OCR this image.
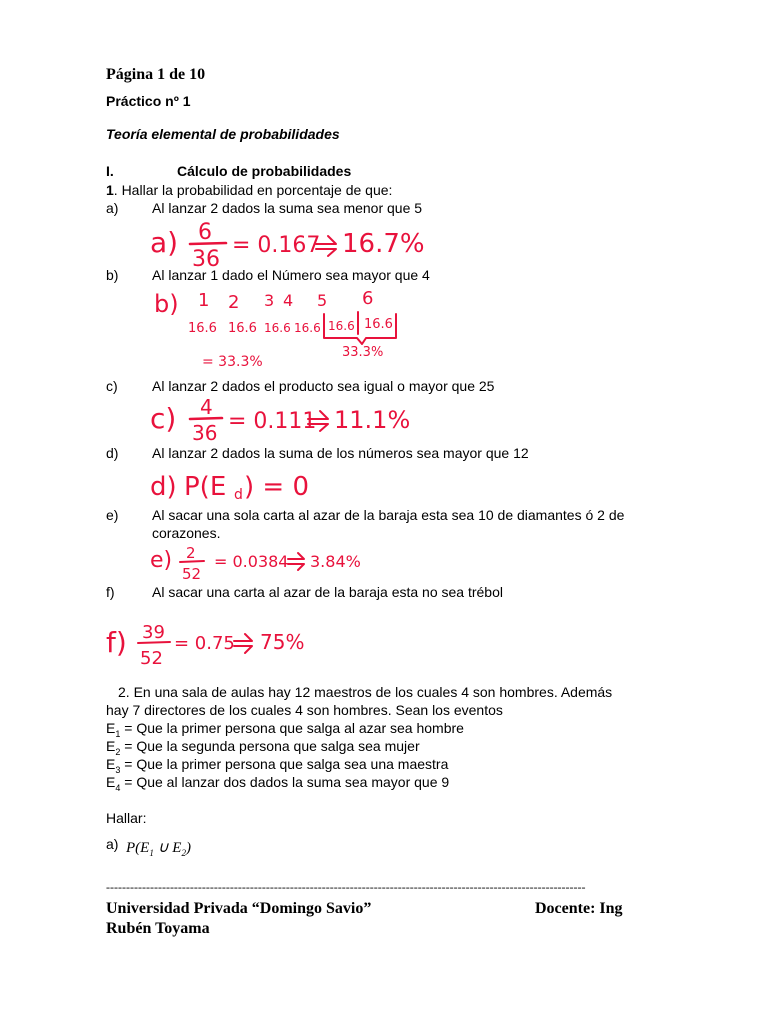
Página 1 de 10
Práctico nº 1
Teoría elemental de probabilidades
I.	Cálculo de probabilidades
1. Hallar la probabilidad en porcentaje de que:
a) Al lanzar 2 dados la suma sea menor que 5
b) Al lanzar 1 dado el Número sea mayor que 4
c) Al lanzar 2 dados el producto sea igual o mayor que 25
d) Al lanzar 2 dados la suma de los números sea mayor que 12
e) Al sacar una sola carta al azar de la baraja esta sea 10 de diamantes ó 2 de
corazones.
f)	Al sacar una carta al azar de la baraja esta no sea trébol
a) 6
36
= 0.167 16.7%
b) 1 2 3 4 5 6
16.6 16.6 16.6 16.6 16.6 16.6
33.3%
= 33.3%
c) 4
36 = 0.111 11.1%
d) P(E d ) = 0
e) 2
52
= 0.0384 3.84%
f) 39
52
= 0.75 75%
2. En una sala de aulas hay 12 maestros de los cuales 4 son hombres. Además
hay 7 directores de los cuales 4 son hombres. Sean los eventos
$E_1$ = Que la primer persona que salga al azar sea hombre
$E_2$ = Que la segunda persona que salga sea mujer
$E_3$ = Que la primer persona que salga sea una maestra
$E_4$ = Que al lanzar dos dados la suma sea mayor que 9
Hallar:
a) $P(E_1$ ∪ $E_2$)
------------------------------------------------------------------------------------------------------------------------
Universidad Privada “Domingo Savio”	Docente: Ing
Rubén Toyama
